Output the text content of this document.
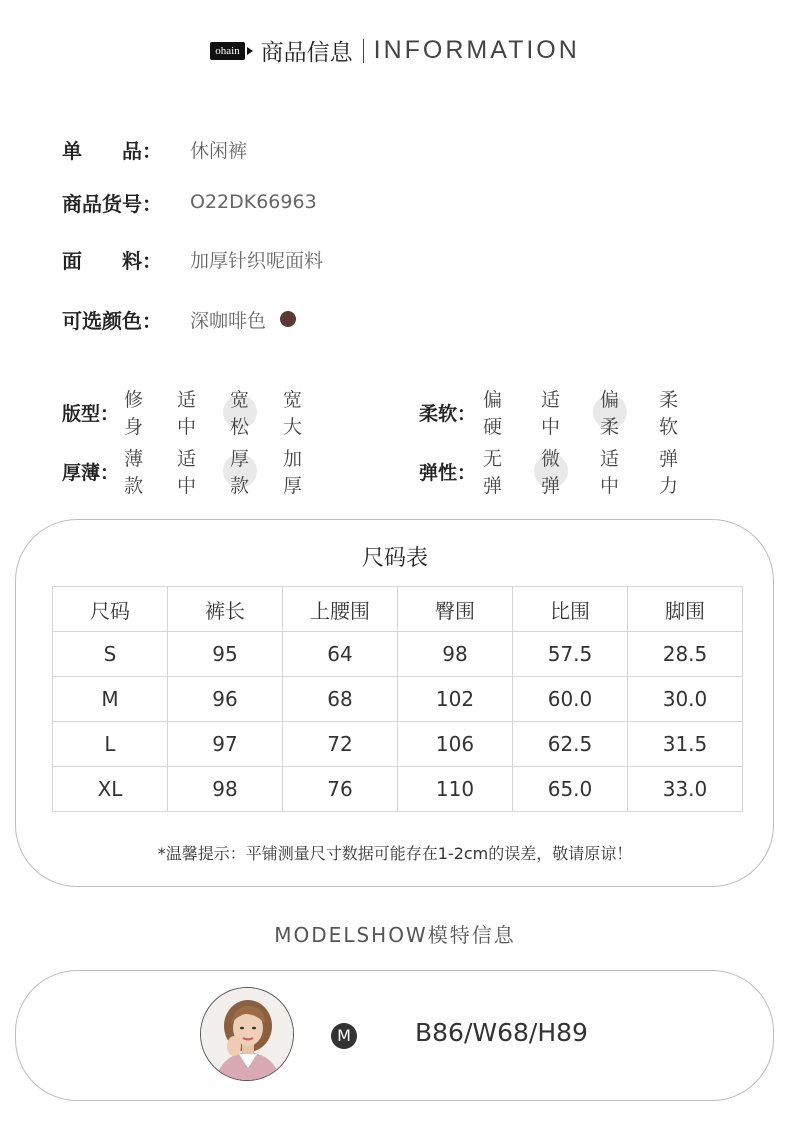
ohain 商品信息 INFORMATION
单　　品：	休闲裤
商品货号：	O22DK66963
面　　料：	加厚针织呢面料
可选颜色：	深咖啡色
版型：
修身
适中
宽松
宽大
柔软：
偏硬
适中
偏柔
柔软
厚薄：
薄款
适中
厚款
加厚
弹性：
无弹
微弹
适中
弹力
尺码表
尺码	裤长	上腰围	臀围	比围	脚围
S	95	64	98	57.5	28.5
M	96	68	102	60.0	30.0
L	97	72	106	62.5	31.5
XL	98	76	110	65.0	33.0
*温馨提示：平铺测量尺寸数据可能存在1-2cm的误差，敬请原谅！
MODELSHOW模特信息
M	B86/W68/H89
